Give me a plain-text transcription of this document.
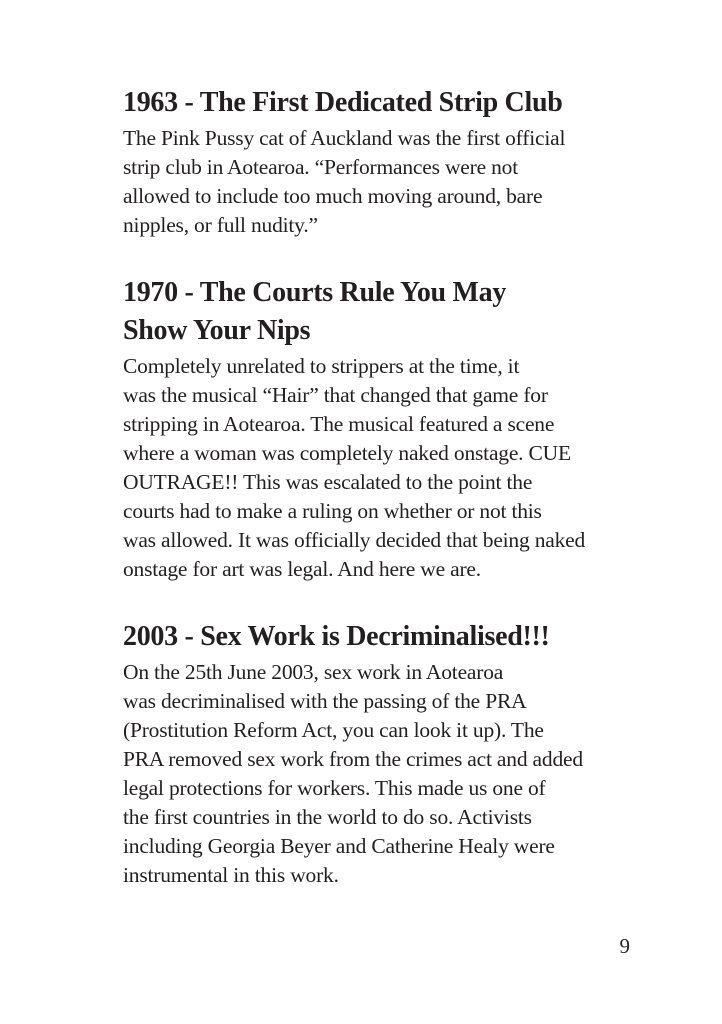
1963 - The First Dedicated Strip Club
The Pink Pussy cat of Auckland was the first official
strip club in Aotearoa. “Performances were not
allowed to include too much moving around, bare
nipples, or full nudity.”
1970 - The Courts Rule You May
Show Your Nips
Completely unrelated to strippers at the time, it
was the musical “Hair” that changed that game for
stripping in Aotearoa. The musical featured a scene
where a woman was completely naked onstage. CUE
OUTRAGE!! This was escalated to the point the
courts had to make a ruling on whether or not this
was allowed. It was officially decided that being naked
onstage for art was legal. And here we are.
2003 - Sex Work is Decriminalised!!!
On the 25th June 2003, sex work in Aotearoa
was decriminalised with the passing of the PRA
(Prostitution Reform Act, you can look it up). The
PRA removed sex work from the crimes act and added
legal protections for workers. This made us one of
the first countries in the world to do so. Activists
including Georgia Beyer and Catherine Healy were
instrumental in this work.
9
